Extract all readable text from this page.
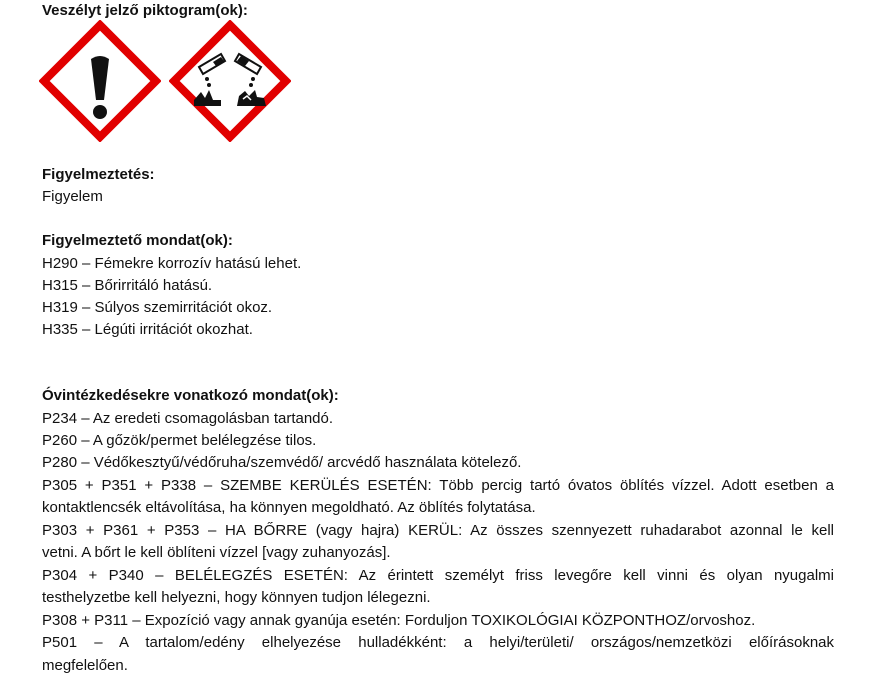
Veszélyt jelző piktogram(ok):
Figyelmeztetés:
Figyelem
Figyelmeztető mondat(ok):
H290 – Fémekre korrozív hatású lehet.
H315 – Bőrirritáló hatású.
H319 – Súlyos szemirritációt okoz.
H335 – Légúti irritációt okozhat.
Óvintézkedésekre vonatkozó mondat(ok):
P234 – Az eredeti csomagolásban tartandó.
P260 – A gőzök/permet belélegzése tilos.
P280 – Védőkesztyű/védőruha/szemvédő/ arcvédő használata kötelező.
P305 + P351 + P338 – SZEMBE KERÜLÉS ESETÉN: Több percig tartó óvatos öblítés vízzel. Adott esetben a
kontaktlencsék eltávolítása, ha könnyen megoldható. Az öblítés folytatása.
P303 + P361 + P353 – HA BŐRRE (vagy hajra) KERÜL: Az összes szennyezett ruhadarabot azonnal le kell
vetni. A bőrt le kell öblíteni vízzel [vagy zuhanyozás].
P304 + P340 – BELÉLEGZÉS ESETÉN: Az érintett személyt friss levegőre kell vinni és olyan nyugalmi
testhelyzetbe kell helyezni, hogy könnyen tudjon lélegezni.
P308 + P311 – Expozíció vagy annak gyanúja esetén: Forduljon TOXIKOLÓGIAI KÖZPONTHOZ/orvoshoz.
P501 – A tartalom/edény elhelyezése hulladékként: a helyi/területi/ országos/nemzetközi előírásoknak
megfelelően.
